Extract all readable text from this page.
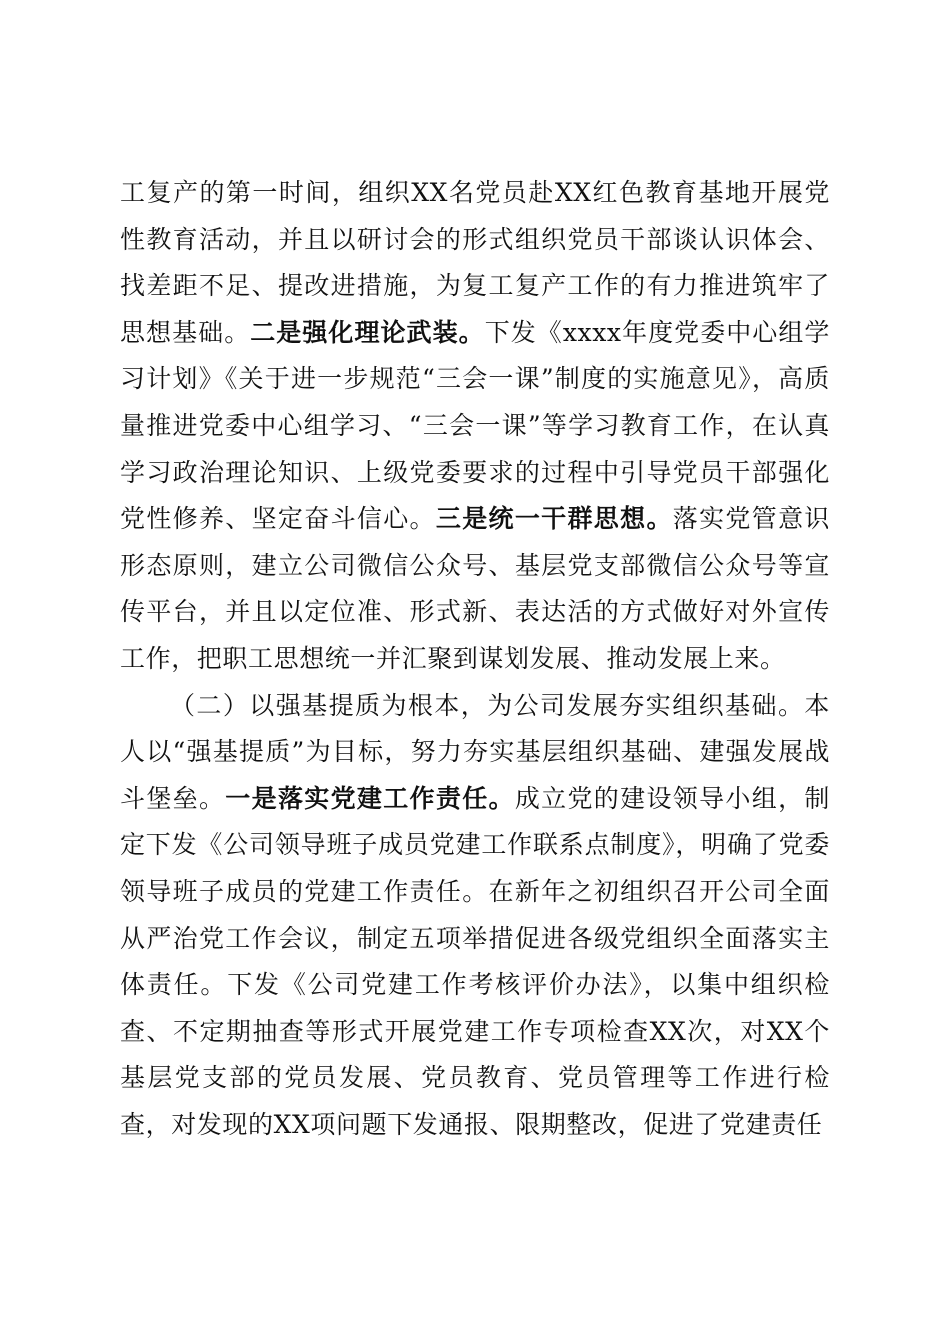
工复产的第一时间，组织XX名党员赴XX红色教育基地开展党性教育活动，并且以研讨会的形式组织党员干部谈认识体会、找差距不足、提改进措施，为复工复产工作的有力推进筑牢了思想基础。二是强化理论武装。下发《xxxx年度党委中心组学习计划》《关于进一步规范“三会一课”制度的实施意见》，高质量推进党委中心组学习、“三会一课”等学习教育工作，在认真学习政治理论知识、上级党委要求的过程中引导党员干部强化党性修养、坚定奋斗信心。三是统一干群思想。落实党管意识形态原则，建立公司微信公众号、基层党支部微信公众号等宣传平台，并且以定位准、形式新、表达活的方式做好对外宣传工作，把职工思想统一并汇聚到谋划发展、推动发展上来。

（二）以强基提质为根本，为公司发展夯实组织基础。本人以“强基提质”为目标，努力夯实基层组织基础、建强发展战斗堡垒。一是落实党建工作责任。成立党的建设领导小组，制定下发《公司领导班子成员党建工作联系点制度》，明确了党委领导班子成员的党建工作责任。在新年之初组织召开公司全面从严治党工作会议，制定五项举措促进各级党组织全面落实主体责任。下发《公司党建工作考核评价办法》，以集中组织检查、不定期抽查等形式开展党建工作专项检查XX次，对XX个基层党支部的党员发展、党员教育、党员管理等工作进行检查，对发现的XX项问题下发通报、限期整改，促进了党建责任
